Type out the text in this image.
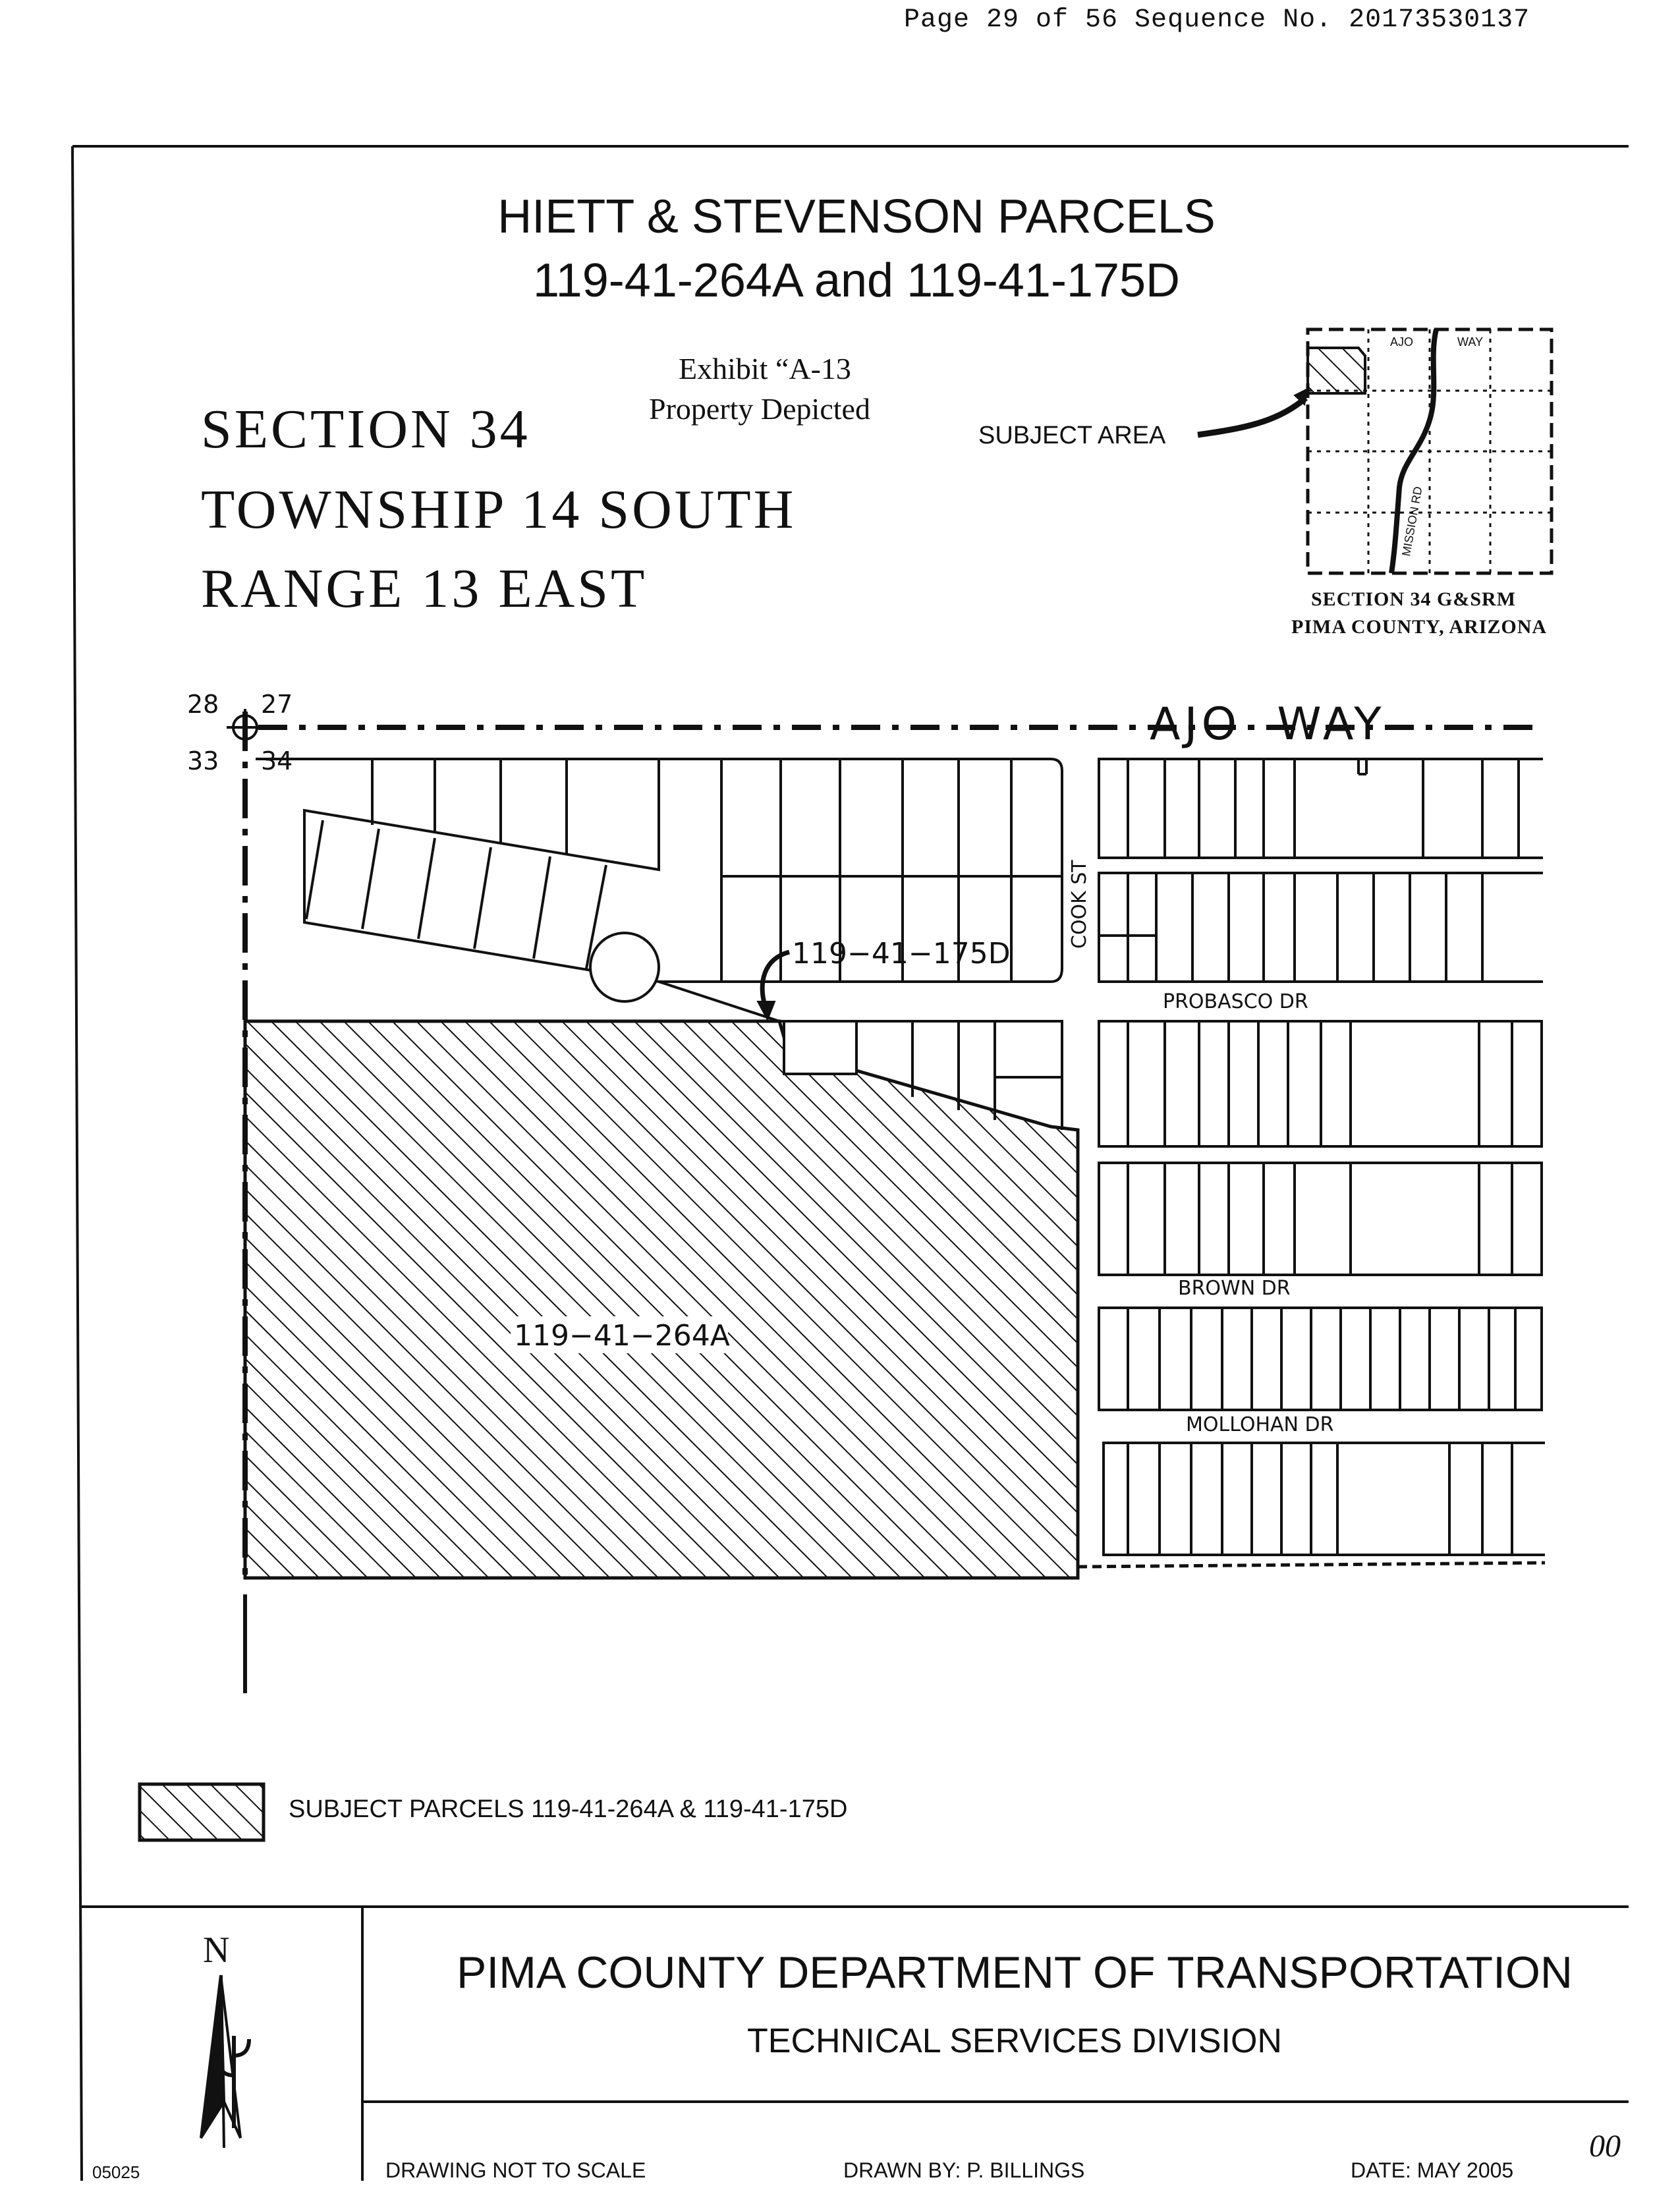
Page 29 of 56 Sequence No. 20173530137
28 27
33 34
AJO  WAY
COOK ST
PROBASCO DR
BROWN DR
MOLLOHAN DR
119−41−175D
119−41−264A
AJO	WAY
MISSION RD
HIETT & STEVENSON PARCELS
119-41-264A and 119-41-175D
Exhibit “A-13
Property Depicted
SECTION 34
TOWNSHIP 14 SOUTH
RANGE 13 EAST
SUBJECT AREA
SECTION 34 G&SRM
PIMA COUNTY, ARIZONA
SUBJECT PARCELS 119-41-264A & 119-41-175D
N	PIMA COUNTY DEPARTMENT OF TRANSPORTATION
TECHNICAL SERVICES DIVISION
05025	DRAWING NOT TO SCALE	DRAWN BY: P. BILLINGS	DATE: MAY 2005
00
